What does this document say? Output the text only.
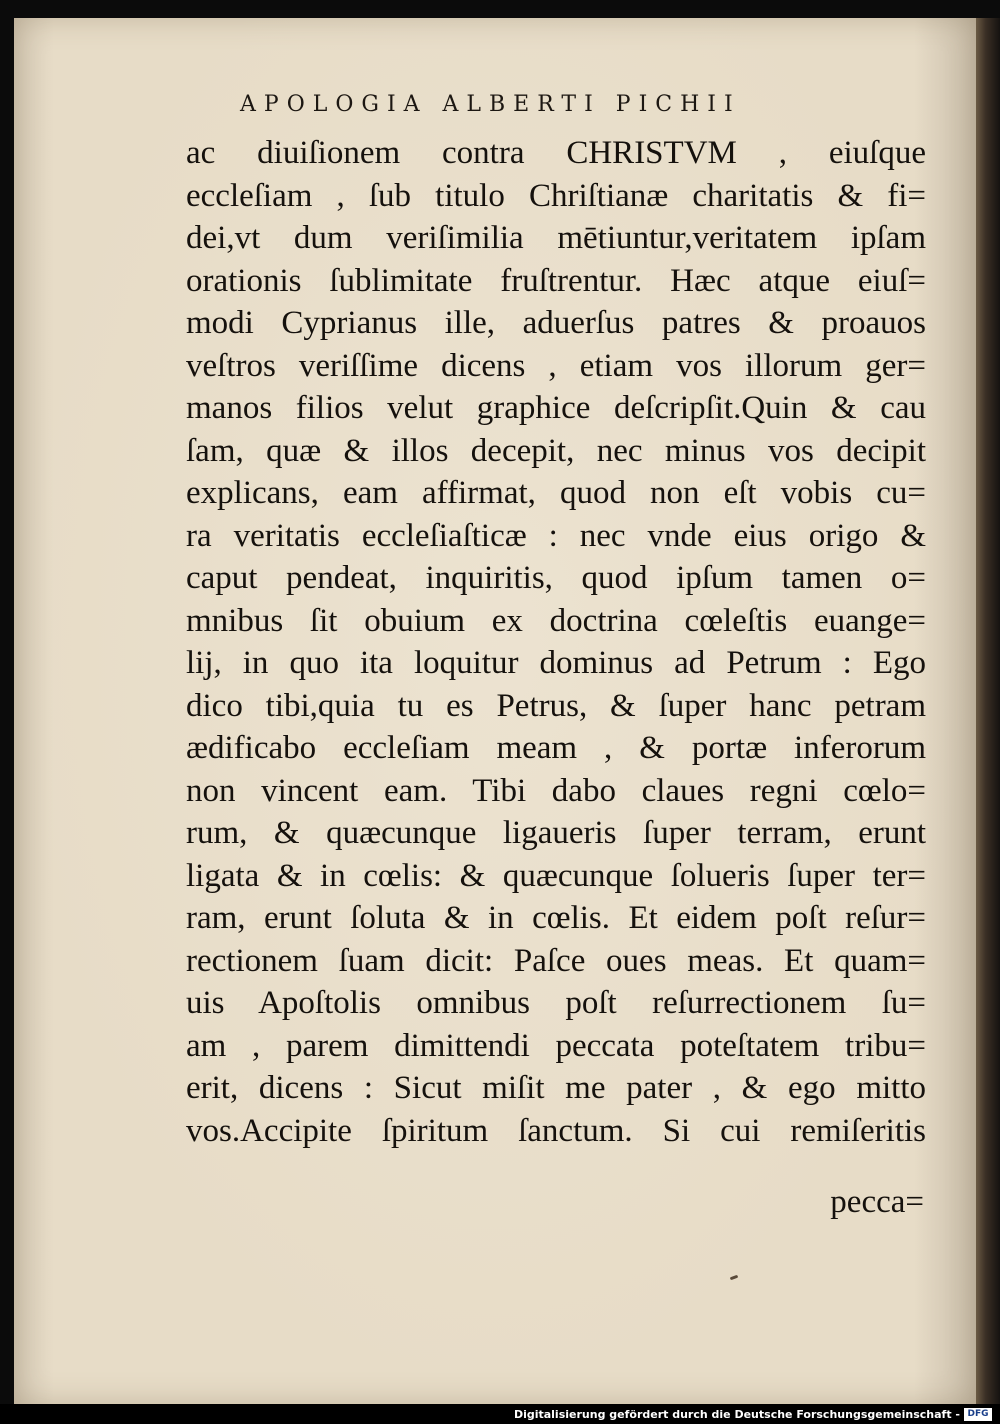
APOLOGIA ALBERTI PICHII
ac diuiſionem contra CHRISTVM , eiuſque
eccleſiam , ſub titulo Chriſtianæ charitatis & fi=
dei,vt dum veriſimilia mētiuntur,veritatem ipſam
orationis ſublimitate fruſtrentur. Hæc atque eiuſ=
modi Cyprianus ille, aduerſus patres & proauos
veſtros veriſſime dicens , etiam vos illorum ger=
manos filios velut graphice deſcripſit.Quin & cau
ſam, quæ & illos decepit, nec minus vos decipit
explicans, eam affirmat, quod non eſt vobis cu=
ra veritatis eccleſiaſticæ : nec vnde eius origo &
caput pendeat, inquiritis, quod ipſum tamen o=
mnibus ſit obuium ex doctrina cœleſtis euange=
lij, in quo ita loquitur dominus ad Petrum : Ego
dico tibi,quia tu es Petrus, & ſuper hanc petram
ædificabo eccleſiam meam , & portæ inferorum
non vincent eam. Tibi dabo claues regni cœlo=
rum, & quæcunque ligaueris ſuper terram, erunt
ligata & in cœlis: & quæcunque ſolueris ſuper ter=
ram, erunt ſoluta & in cœlis. Et eidem poſt reſur=
rectionem ſuam dicit: Paſce oues meas. Et quam=
uis Apoſtolis omnibus poſt reſurrectionem ſu=
am , parem dimittendi peccata poteſtatem tribu=
erit, dicens : Sicut miſit me pater , & ego mitto
vos.Accipite ſpiritum ſanctum. Si cui remiſeritis
pecca=
Digitalisierung gefördert durch die Deutsche Forschungsgemeinschaft - DFG
